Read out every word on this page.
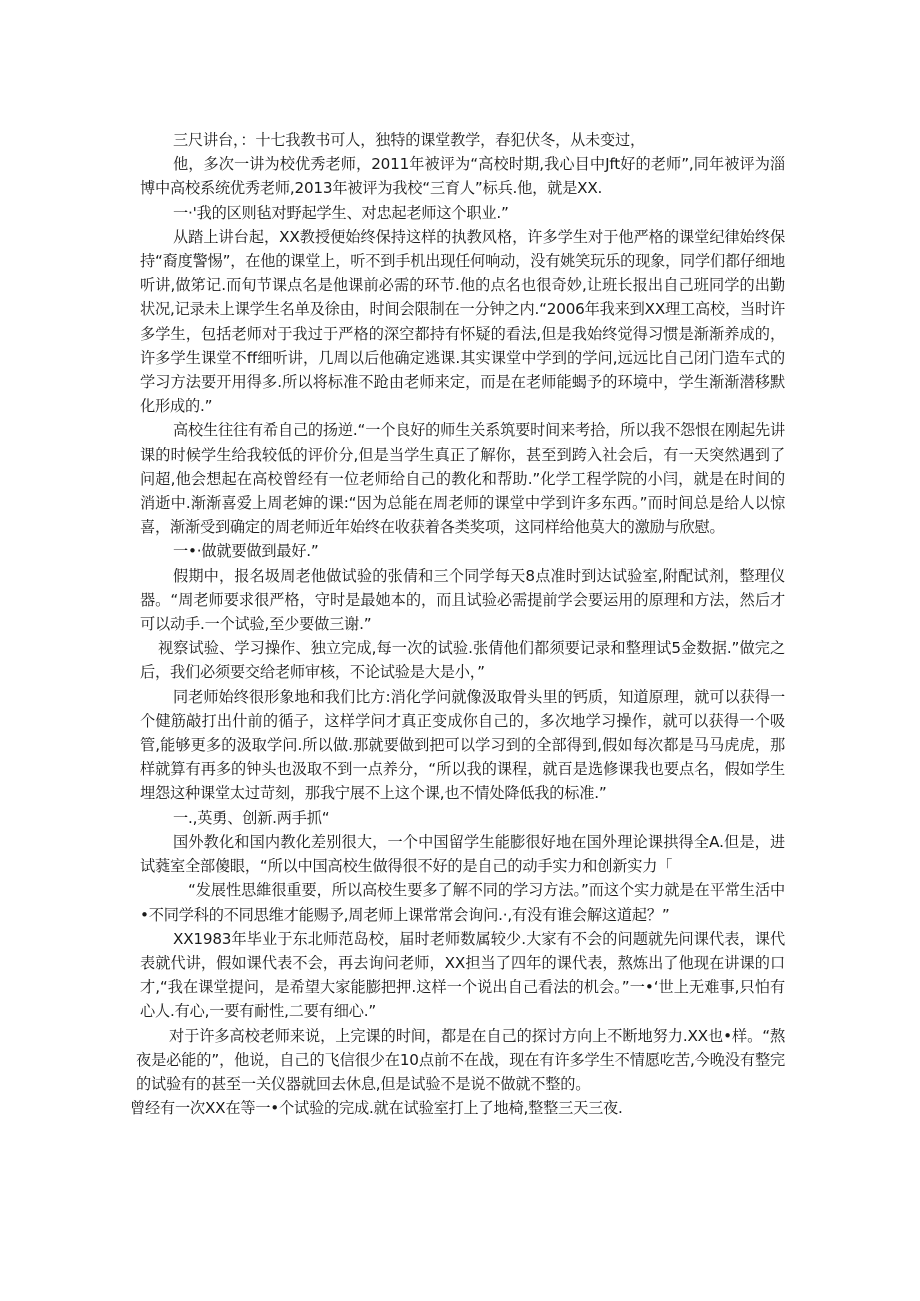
三尺讲台，：十七我教书可人，独特的课堂教学，春犯伏冬，从未变过，

他，多次一讲为校优秀老师，2011年被评为“高校时期,我心目中Jft好的老师”,同年被评为淄博中高校系统优秀老师,2013年被评为我校“三育人”标兵.他，就是XX.

一·'我的区则毡对野起学生、对忠起老师这个职业.”

从踏上讲台起，XX教授便始终保持这样的执教风格，许多学生对于他严格的课堂纪律始终保持“裔度警惕”，在他的课堂上，听不到手机出现任何响动，没有姚笑玩乐的现象，同学们都仔细地听讲,做笫记.而旬节课点名是他课前必需的环节.他的点名也很奇妙,让班长报出自己班同学的出勤状况,记录未上课学生名单及徐由，时间会限制在一分钟之内.“2006年我来到XX理工高校，当时许多学生，包括老师对于我过于严格的深空都持有怀疑的看法,但是我始终觉得习惯是渐渐养成的，许多学生课堂不ff细听讲，几周以后他确定逃课.其实课堂中学到的学问,远远比自己闭门造车式的学习方法要开用得多.所以将标准不跄由老师来定，而是在老师能蝎予的环境中，学生渐渐潜移默化形成的.”

高校生往往有希自己的扬逆.“一个良好的师生关系筑要时间来考拾，所以我不怨恨在刚起先讲课的时候学生给我较低的评价分,但是当学生真正了解你，甚至到跨入社会后，有一天突然遇到了问超,他会想起在高校曾经有一位老师给自己的教化和帮助.”化学工程学院的小闫，就是在时间的消逝中.渐渐喜爱上周老婶的课:“因为总能在周老师的课堂中学到许多东西。”而时间总是给人以惊喜，渐渐受到确定的周老师近年始终在收获着各类奖项，这同样给他莫大的激励与欣慰。

一•·做就要做到最好.”

假期中，报名圾周老他做试验的张倩和三个同学每天8点准时到达试验室,附配试剂，整理仪器。“周老师要求很严格，守时是最她本的，而且试验必需提前学会要运用的原理和方法，然后才可以动手.一个试验,至少要做三谢.”

视察试验、学习操作、独立完成,每一次的试验.张倩他们都须要记录和整理试5金数据.”做完之后，我们必须要交给老师审核，不论试验是大是小，”

同老师始终很形象地和我们比方:消化学问就像汲取骨头里的钙质，知道原理，就可以获得一个健筋敲打出什前的循子，这样学问才真正变成你自己的，多次地学习操作，就可以获得一个吸管,能够更多的汲取学问.所以做.那就要做到把可以学习到的全部得到,假如每次都是马马虎虎，那样就算有再多的钟头也汲取不到一点养分，“所以我的课程，就百是选修课我也要点名，假如学生埋怨这种课堂太过苛刻，那我宁展不上这个课,也不情处降低我的标准.”

一.,英勇、创新.两手抓“

国外教化和国内教化差别很大，一个中国留学生能膨很好地在国外理论课拱得全A.但是，进试蕤室全部傻眼，“所以中国高校生做得很不好的是自己的动手实力和创新实力「

“发展性思維很重要，所以高校生要多了解不同的学习方法。”而这个实力就是在平常生活中•不同学科的不同思维才能赐予,周老师上课常常会询问.·,有没有谁会解这道起？”

XX1983年毕业于东北师范岛校，届时老师数属较少.大家有不会的问题就先问课代表，课代表就代讲，假如课代表不会，再去询问老师，XX担当了四年的课代表，熬炼出了他现在讲课的口才,“我在课堂提问，是希望大家能膨把押.这样一个说出自己看法的机会。”一•‘世上无难事,只怕有心人.有心,一要有耐性,二要有细心.”

对于许多高校老师来说，上完课的时间，都是在自己的探讨方向上不断地努力.XX也•样。“熬夜是必能的”，他说，自己的飞信很少在10点前不在战，现在有许多学生不情愿吃苦,今晚没有整完的试验有的甚至一关仪器就回去休息,但是试验不是说不做就不整的。

曾经有一次XX在等一•个试验的完成.就在试验室打上了地椅,整整三天三夜.
